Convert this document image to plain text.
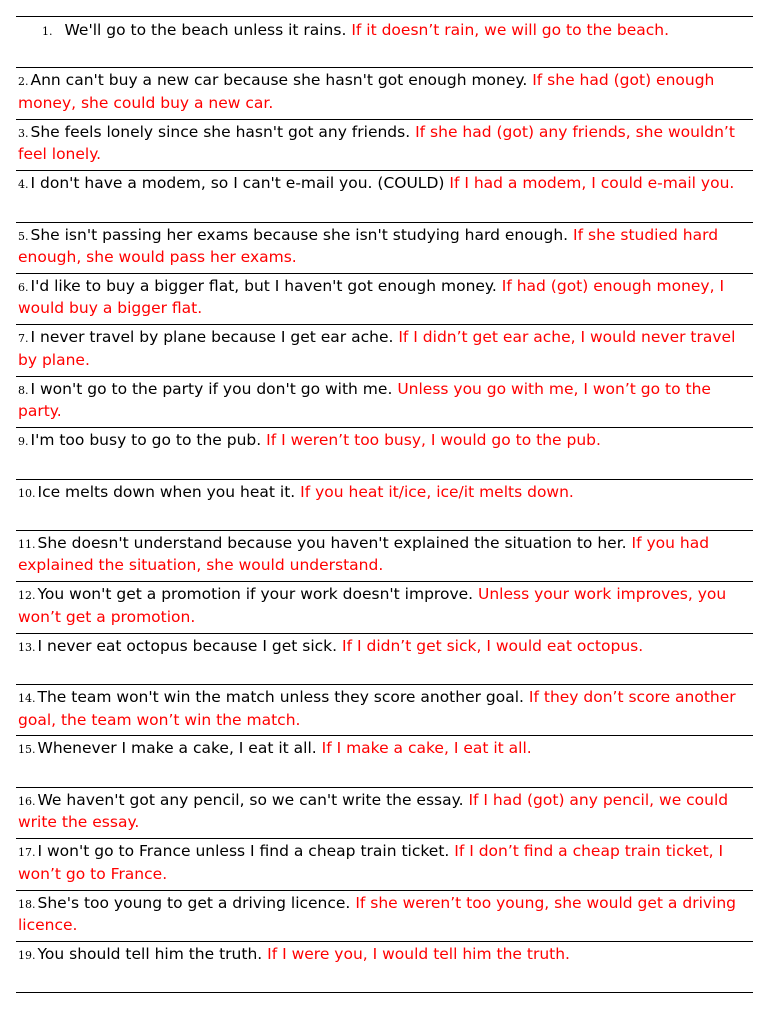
1. We'll go to the beach unless it rains. If it doesn’t rain, we will go to the beach.
2. Ann can't buy a new car because she hasn't got enough money. If she had (got) enough money, she could buy a new car.
3. She feels lonely since she hasn't got any friends. If she had (got) any friends, she wouldn’t feel lonely.
4. I don't have a modem, so I can't e-mail you. (COULD) If I had a modem, I could e-mail you.
5. She isn't passing her exams because she isn't studying hard enough. If she studied hard enough, she would pass her exams.
6. I'd like to buy a bigger flat, but I haven't got enough money. If had (got) enough money, I would buy a bigger flat.
7. I never travel by plane because I get ear ache. If I didn’t get ear ache, I would never travel by plane.
8. I won't go to the party if you don't go with me. Unless you go with me, I won’t go to the party.
9. I'm too busy to go to the pub. If I weren’t too busy, I would go to the pub.
10. Ice melts down when you heat it. If you heat it/ice, ice/it melts down.
11. She doesn't understand because you haven't explained the situation to her. If you had explained the situation, she would understand.
12. You won't get a promotion if your work doesn't improve. Unless your work improves, you won’t get a promotion.
13. I never eat octopus because I get sick. If I didn’t get sick, I would eat octopus.
14. The team won't win the match unless they score another goal. If they don’t score another goal, the team won’t win the match.
15. Whenever I make a cake, I eat it all. If I make a cake, I eat it all.
16. We haven't got any pencil, so we can't write the essay. If I had (got) any pencil, we could write the essay.
17. I won't go to France unless I find a cheap train ticket. If I don’t find a cheap train ticket, I won’t go to France.
18. She's too young to get a driving licence. If she weren’t too young, she would get a driving licence.
19. You should tell him the truth. If I were you, I would tell him the truth.
